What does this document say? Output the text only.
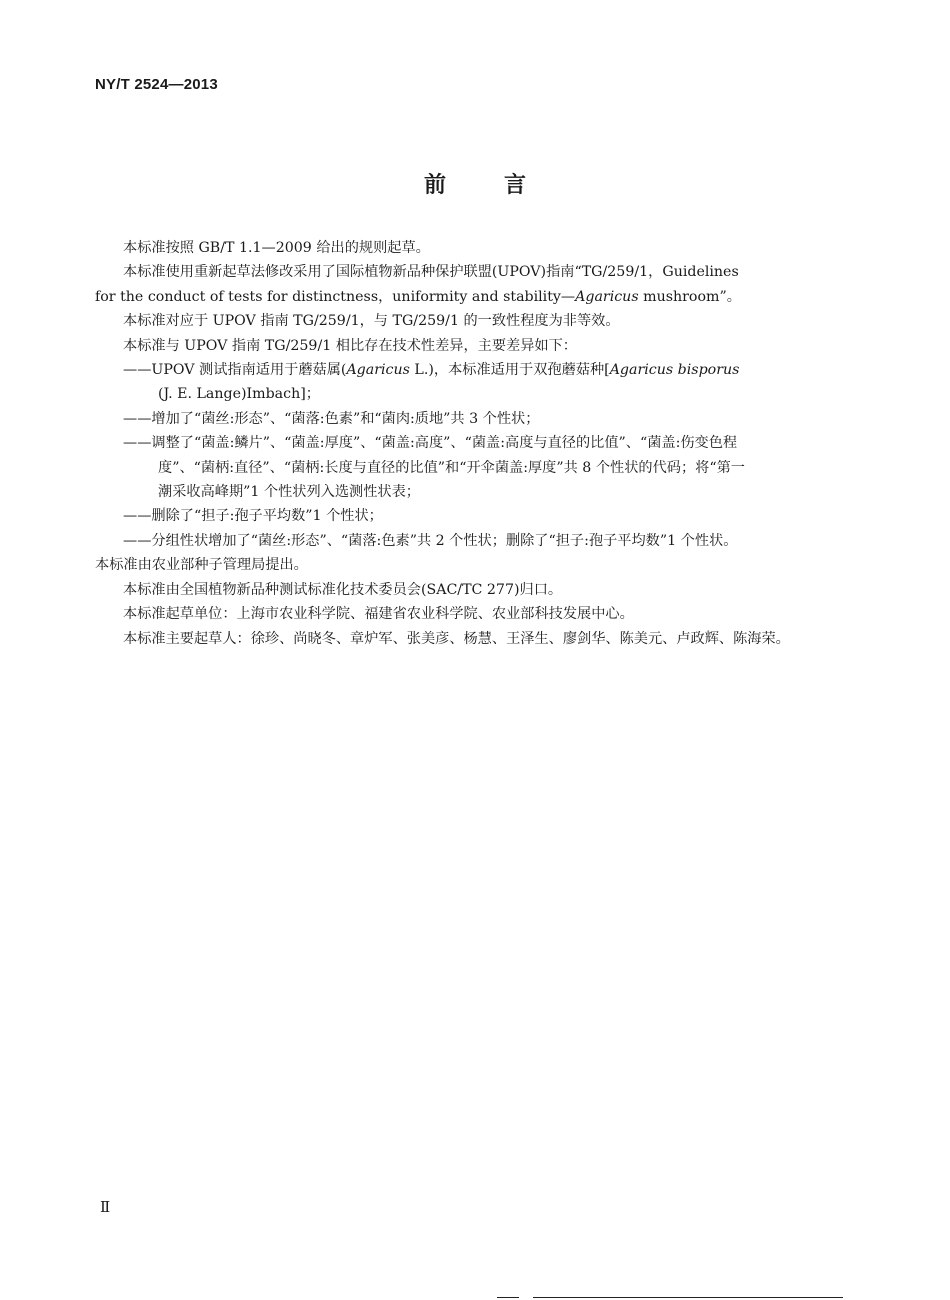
NY/T 2524—2013
前言
本标准按照 GB/T 1.1—2009 给出的规则起草。
本标准使用重新起草法修改采用了国际植物新品种保护联盟(UPOV)指南“TG/259/1，Guidelines
for the conduct of tests for distinctness，uniformity and stability—Agaricus mushroom”。
本标准对应于 UPOV 指南 TG/259/1，与 TG/259/1 的一致性程度为非等效。
本标准与 UPOV 指南 TG/259/1 相比存在技术性差异，主要差异如下：
——UPOV 测试指南适用于蘑菇属(Agaricus L.)，本标准适用于双孢蘑菇种[Agaricus bisporus
(J. E. Lange)Imbach]；
——增加了“菌丝:形态”、“菌落:色素”和“菌肉:质地”共 3 个性状；
——调整了“菌盖:鳞片”、“菌盖:厚度”、“菌盖:高度”、“菌盖:高度与直径的比值”、“菌盖:伤变色程
度”、“菌柄:直径”、“菌柄:长度与直径的比值”和“开伞菌盖:厚度”共 8 个性状的代码；将“第一
潮采收高峰期”1 个性状列入选测性状表；
——删除了“担子:孢子平均数”1 个性状；
——分组性状增加了“菌丝:形态”、“菌落:色素”共 2 个性状；删除了“担子:孢子平均数”1 个性状。
本标准由农业部种子管理局提出。
本标准由全国植物新品种测试标准化技术委员会(SAC/TC 277)归口。
本标准起草单位：上海市农业科学院、福建省农业科学院、农业部科技发展中心。
本标准主要起草人：徐珍、尚晓冬、章炉军、张美彦、杨慧、王泽生、廖剑华、陈美元、卢政辉、陈海荣。
Ⅱ
